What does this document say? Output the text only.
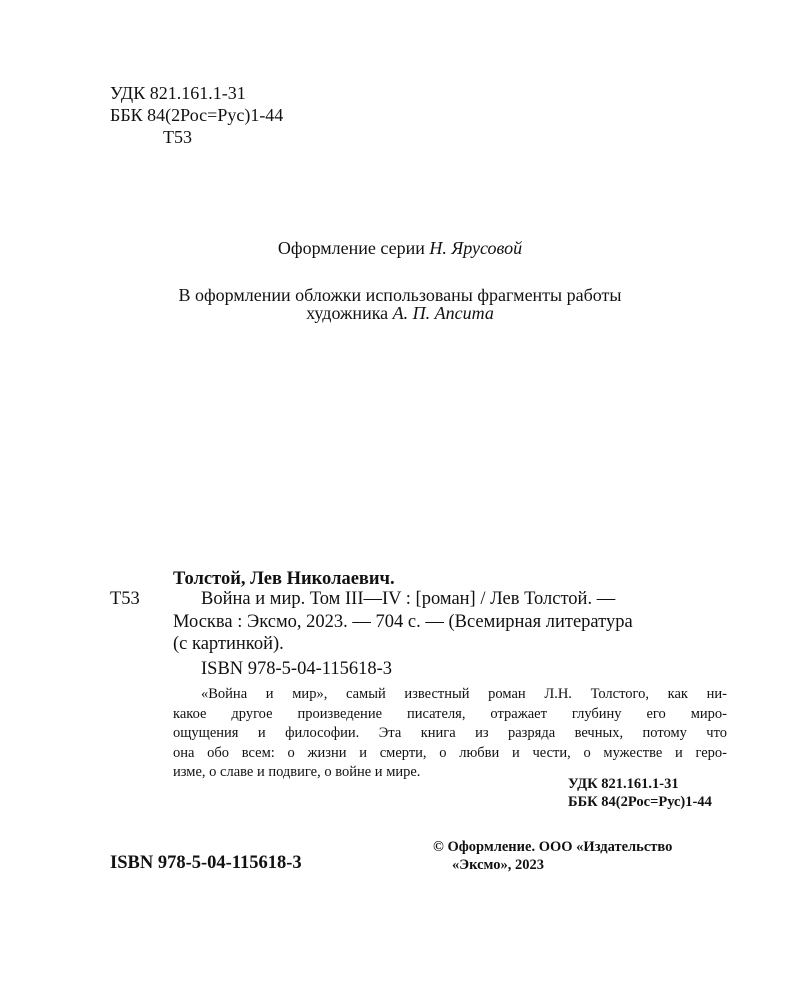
УДК 821.161.1-31
ББК 84(2Рос=Рус)1-44
Т53
Оформление серии Н. Ярусовой
В оформлении обложки использованы фрагменты работы
художника А. П. Апсита
Толстой, Лев Николаевич.
Т53	Война и мир. Том III—IV : [роман] / Лев Толстой. —
Москва : Эксмо, 2023. — 704 с. — (Всемирная литература
(с картинкой).
ISBN 978-5-04-115618-3
«Война и мир», самый известный роман Л.Н. Толстого, как ни-
какое другое произведение писателя, отражает глубину его миро-
ощущения и философии. Эта книга из разряда вечных, потому что
она обо всем: о жизни и смерти, о любви и чести, о мужестве и геро-
изме, о славе и подвиге, о войне и мире.
УДК 821.161.1-31
ББК 84(2Рос=Рус)1-44
© Оформление. ООО «Издательство
«Эксмо», 2023
ISBN 978-5-04-115618-3
